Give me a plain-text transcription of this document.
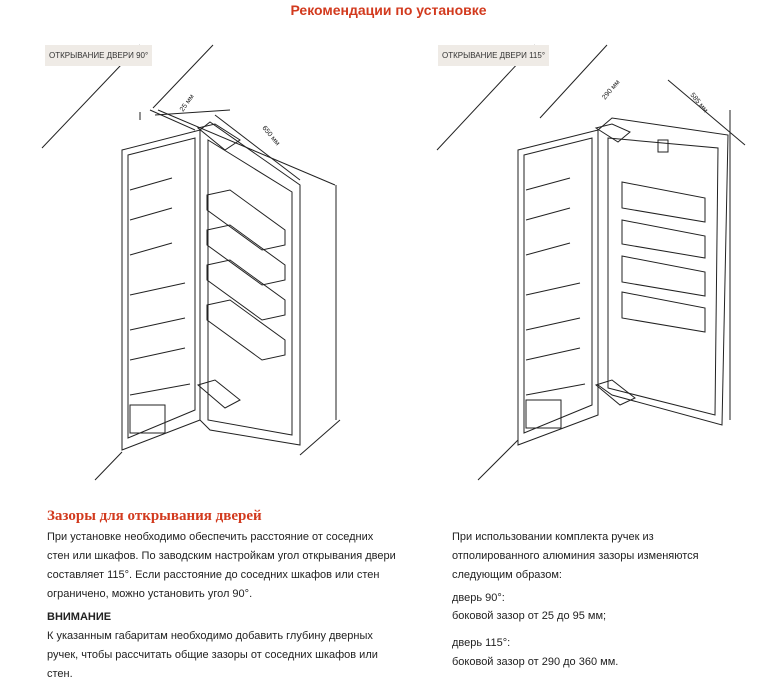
Рекомендации по установке
25 мм
650 мм
290 мм
585 мм
ОТКРЫВАНИЕ ДВЕРИ 90°	ОТКРЫВАНИЕ ДВЕРИ 115°
Зазоры для открывания дверей
При установке необходимо обеспечить расстояние от соседних стен или шкафов. По заводским настройкам угол открывания двери составляет 115°. Если расстояние до соседних шкафов или стен ограничено, можно установить угол 90°.
ВНИМАНИЕ
К указанным габаритам необходимо добавить глубину дверных ручек, чтобы рассчитать общие зазоры от соседних шкафов или стен.
При использовании комплекта ручек из отполированного алюминия зазоры изменяются следующим образом:
дверь 90°:
боковой зазор от 25 до 95 мм;
дверь 115°:
боковой зазор от 290 до 360 мм.
